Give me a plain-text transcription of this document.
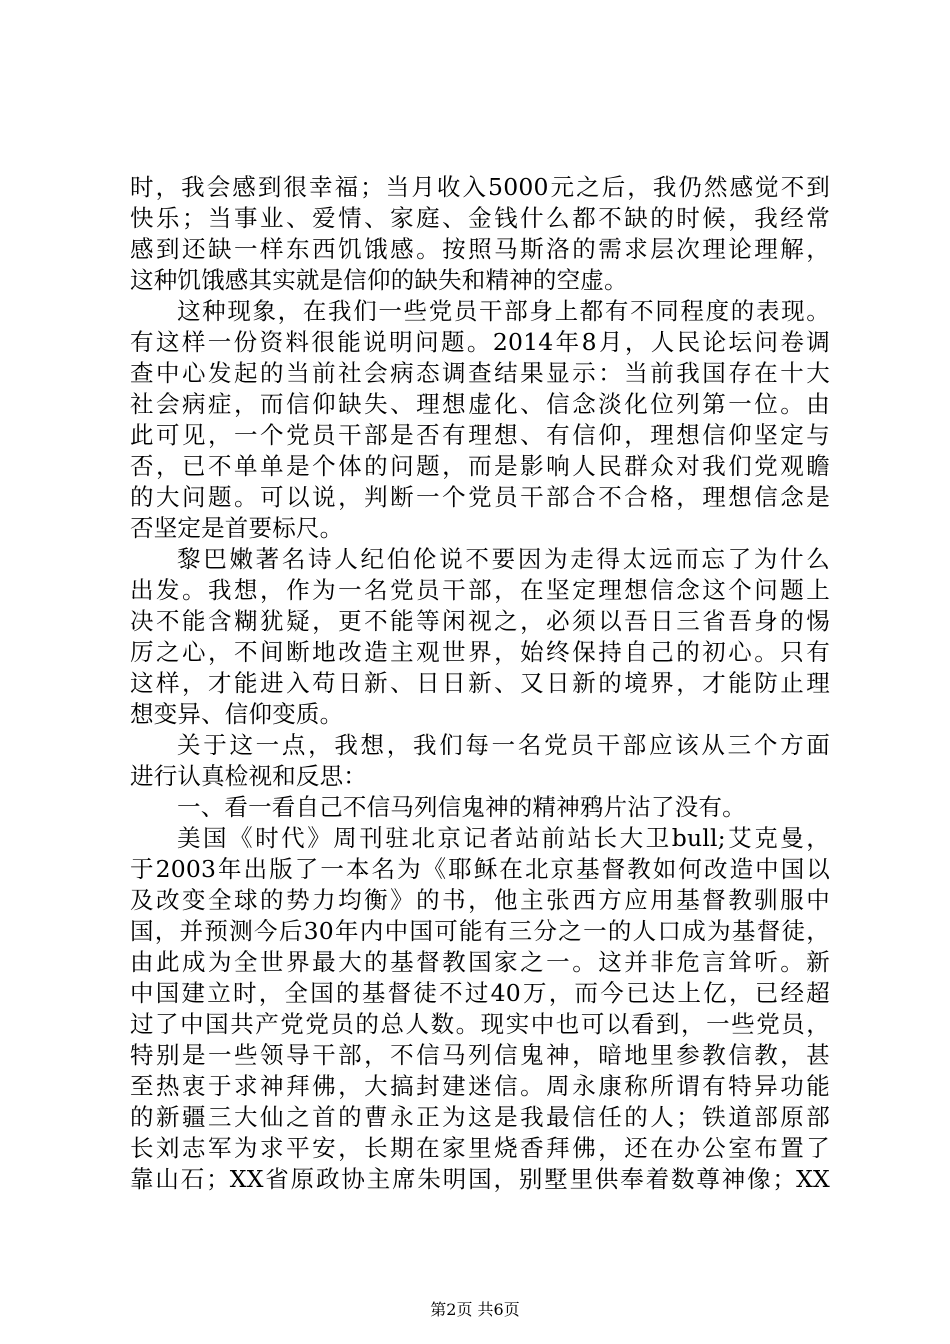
时，我会感到很幸福；当月收入5000元之后，我仍然感觉不到
快乐；当事业、爱情、家庭、金钱什么都不缺的时候，我经常
感到还缺一样东西饥饿感。按照马斯洛的需求层次理论理解，
这种饥饿感其实就是信仰的缺失和精神的空虚。
这种现象，在我们一些党员干部身上都有不同程度的表现。
有这样一份资料很能说明问题。2014年8月，人民论坛问卷调
查中心发起的当前社会病态调查结果显示：当前我国存在十大
社会病症，而信仰缺失、理想虚化、信念淡化位列第一位。由
此可见，一个党员干部是否有理想、有信仰，理想信仰坚定与
否，已不单单是个体的问题，而是影响人民群众对我们党观瞻
的大问题。可以说，判断一个党员干部合不合格，理想信念是
否坚定是首要标尺。
黎巴嫩著名诗人纪伯伦说不要因为走得太远而忘了为什么
出发。我想，作为一名党员干部，在坚定理想信念这个问题上
决不能含糊犹疑，更不能等闲视之，必须以吾日三省吾身的惕
厉之心，不间断地改造主观世界，始终保持自己的初心。只有
这样，才能进入苟日新、日日新、又日新的境界，才能防止理
想变异、信仰变质。
关于这一点，我想，我们每一名党员干部应该从三个方面
进行认真检视和反思：
一、看一看自己不信马列信鬼神的精神鸦片沾了没有。
美国《时代》周刊驻北京记者站前站长大卫bull;艾克曼，
于2003年出版了一本名为《耶稣在北京基督教如何改造中国以
及改变全球的势力均衡》的书，他主张西方应用基督教驯服中
国，并预测今后30年内中国可能有三分之一的人口成为基督徒，
由此成为全世界最大的基督教国家之一。这并非危言耸听。新
中国建立时，全国的基督徒不过40万，而今已达上亿，已经超
过了中国共产党党员的总人数。现实中也可以看到，一些党员，
特别是一些领导干部，不信马列信鬼神，暗地里参教信教，甚
至热衷于求神拜佛，大搞封建迷信。周永康称所谓有特异功能
的新疆三大仙之首的曹永正为这是我最信任的人；铁道部原部
长刘志军为求平安，长期在家里烧香拜佛，还在办公室布置了
靠山石；XX省原政协主席朱明国，别墅里供奉着数尊神像；XX
第2页 共6页
